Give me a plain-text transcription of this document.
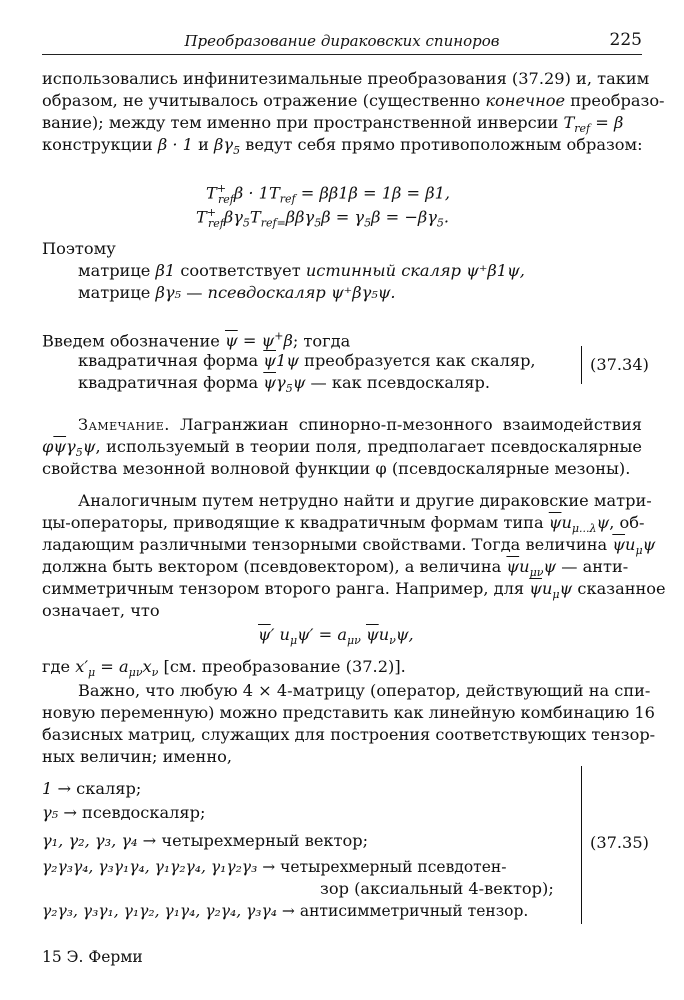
Преобразование дираковских спиноров	225
использовались инфинитезимальные преобразования (37.29) и, таким
образом, не учитывалось отражение (существенно конечное преобразо-
вание); между тем именно при пространственной инверсии $T_{ref} = \beta$
конструкции β · 1 и $\beta\gamma_5$ ведут себя прямо противоположным образом:
$T^+_{ref}\beta \cdot 1T_{ref} = \beta\beta 1\beta = 1\beta = \beta 1$,
$T^+_{ref}\beta\gamma_5T_{ref=}\beta\beta\gamma_5\beta = \gamma_5\beta = -\beta\gamma_5$.
Поэтому
матрице β1 соответствует истинный скаляр ψ⁺β1ψ,
матрице βγ₅ — псевдоскаляр ψ⁺βγ₅ψ.
Введем обозначение $\overline{\psi} = \psi^+\beta$; тогда
квадратичная форма $\overline{\psi}1\psi$ преобразуется как скаляр,
квадратичная форма $\overline{\psi}\gamma_5\psi$ — как псевдоскаляр.
(37.34)
Замечание. Лагранжиан спинорно-π-мезонного взаимодействия
$\varphi\overline{\psi}\gamma_5\psi$, используемый в теории поля, предполагает псевдоскалярные
свойства мезонной волновой функции φ (псевдоскалярные мезоны).
Аналогичным путем нетрудно найти и другие дираковские матри-
цы-операторы, приводящие к квадратичным формам типа $\overline{\psi}u_{\mu...\lambda}\psi$, об-
ладающим различными тензорными свойствами. Тогда величина $\overline{\psi}u_\mu\psi$
должна быть вектором (псевдовектором), а величина $\overline{\psi}u_{\mu\nu}\psi$ — анти-
симметричным тензором второго ранга. Например, для $\overline{\psi}u_\mu\psi$ сказанное
означает, что
$\overline{\psi}'$ $u_\mu\psi' = a_{\mu\nu}$ $\overline{\psi}u_\nu\psi$,
где $x'_\mu = a_{\mu\nu}x_\nu$ [см. преобразование (37.2)].
Важно, что любую 4 × 4-матрицу (оператор, действующий на спи-
новую переменную) можно представить как линейную комбинацию 16
базисных матриц, служащих для построения соответствующих тензор-
ных величин; именно,
1 → скаляр;
γ₅ → псевдоскаляр;
γ₁, γ₂, γ₃, γ₄ → четырехмерный вектор;
γ₂γ₃γ₄, γ₃γ₁γ₄, γ₁γ₂γ₄, γ₁γ₂γ₃ → четырехмерный псевдотен-
зор (аксиальный 4-вектор);
γ₂γ₃, γ₃γ₁, γ₁γ₂, γ₁γ₄, γ₂γ₄, γ₃γ₄ → антисимметричный тензор.
(37.35)
15 Э. Ферми
